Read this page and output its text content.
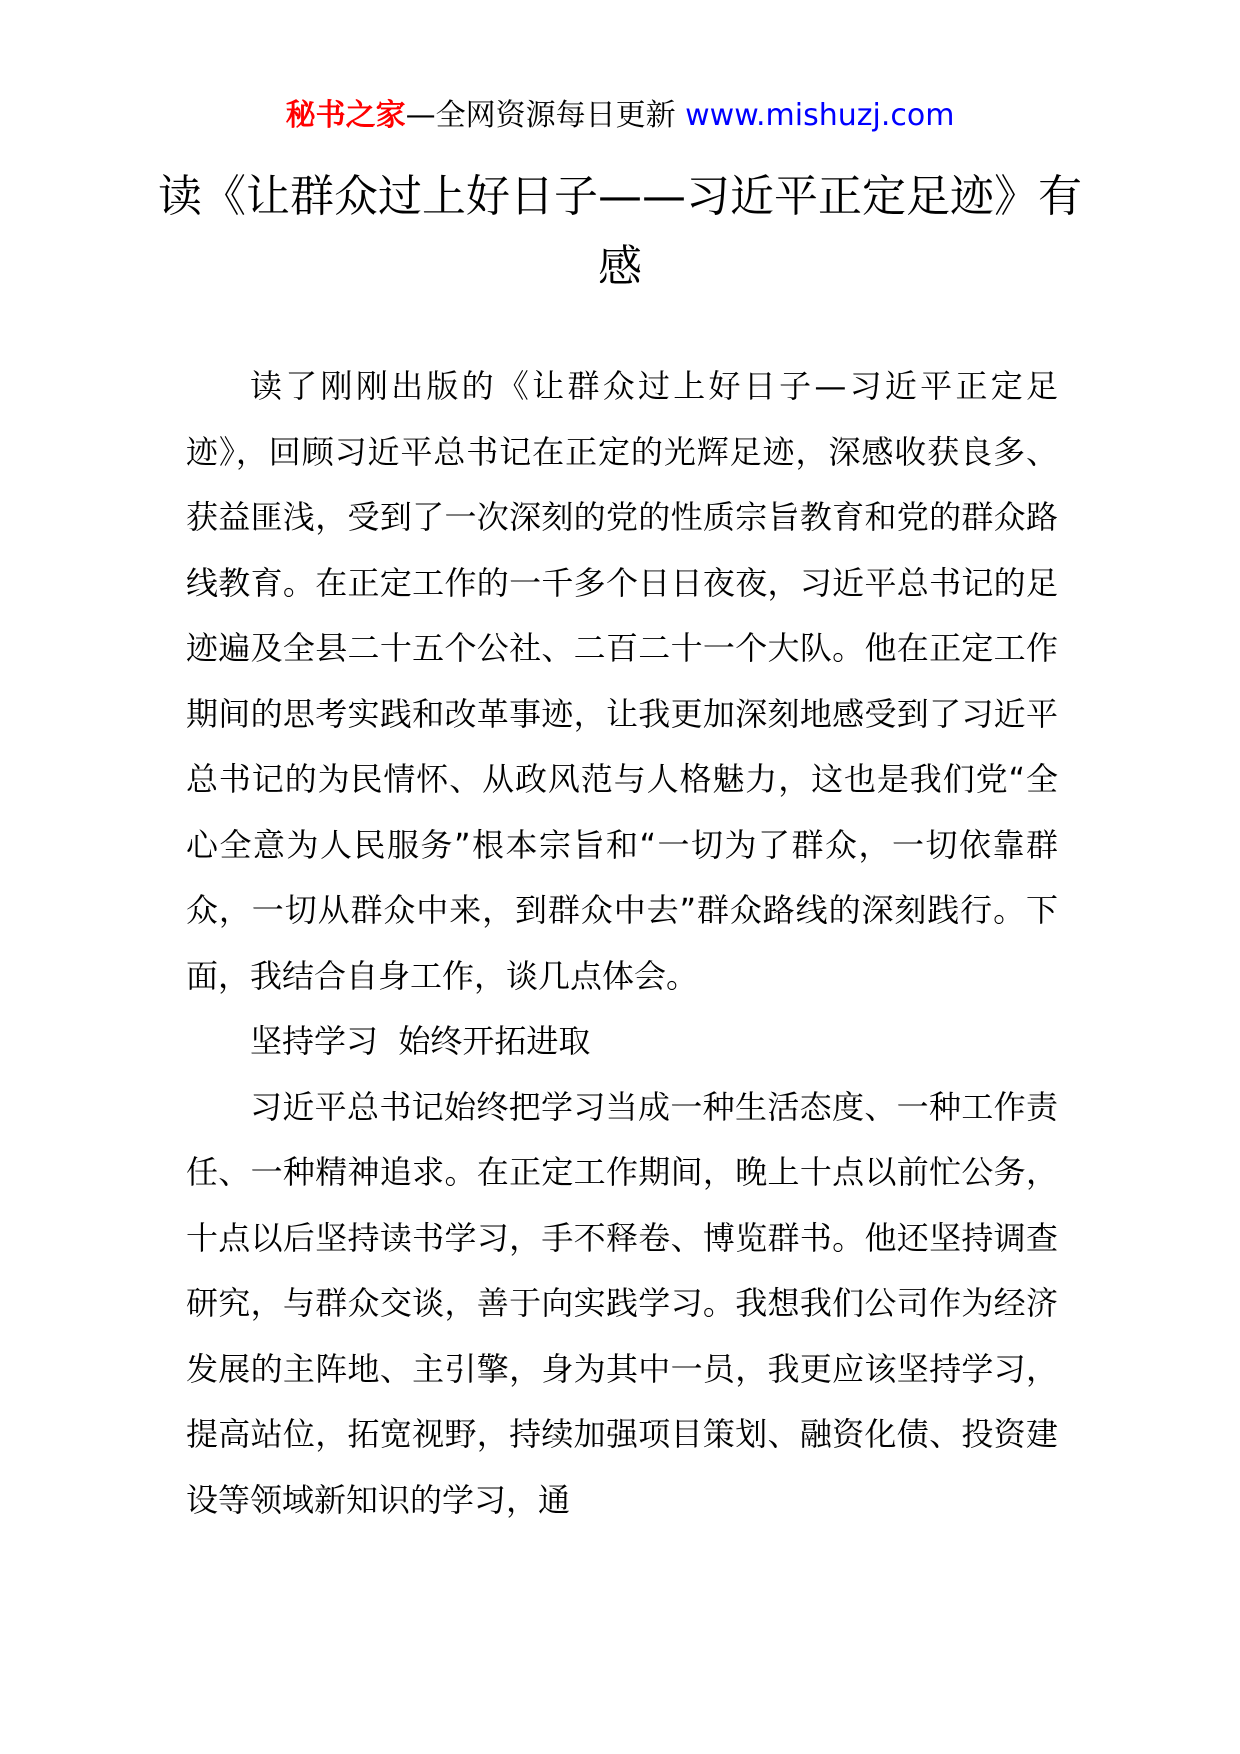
秘书之家—全网资源每日更新 www.mishuzj.com
读《让群众过上好日子——习近平正定足迹》有感

读了刚刚出版的《让群众过上好日子—习近平正定足迹》，回顾习近平总书记在正定的光辉足迹，深感收获良多、获益匪浅，受到了一次深刻的党的性质宗旨教育和党的群众路线教育。在正定工作的一千多个日日夜夜，习近平总书记的足迹遍及全县二十五个公社、二百二十一个大队。他在正定工作期间的思考实践和改革事迹，让我更加深刻地感受到了习近平总书记的为民情怀、从政风范与人格魅力，这也是我们党“全心全意为人民服务”根本宗旨和“一切为了群众，一切依靠群众，一切从群众中来，到群众中去”群众路线的深刻践行。下面，我结合自身工作，谈几点体会。

坚持学习  始终开拓进取

习近平总书记始终把学习当成一种生活态度、一种工作责任、一种精神追求。在正定工作期间，晚上十点以前忙公务，十点以后坚持读书学习，手不释卷、博览群书。他还坚持调查研究，与群众交谈，善于向实践学习。我想我们公司作为经济发展的主阵地、主引擎，身为其中一员，我更应该坚持学习，提高站位，拓宽视野，持续加强项目策划、融资化债、投资建设等领域新知识的学习，通
